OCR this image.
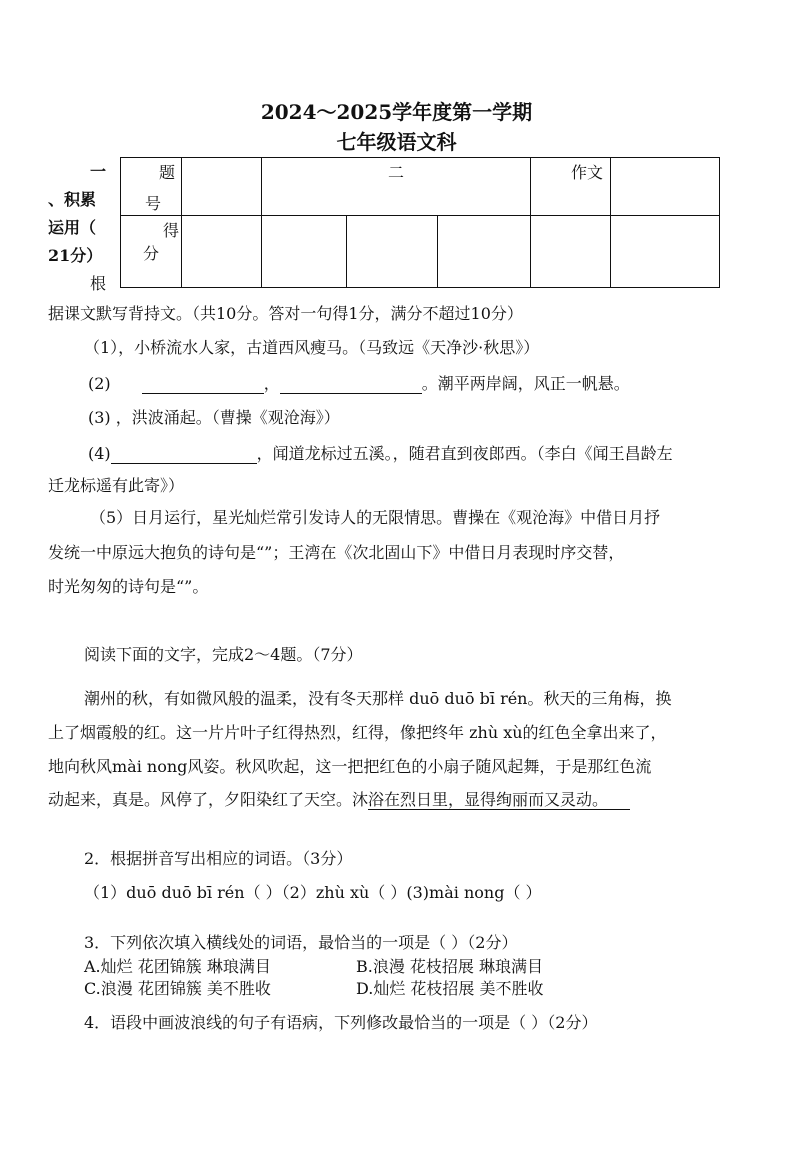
2024～2025学年度第一学期
七年级语文科
一
、积累
运用（
21分）
根
题
号		二			作文	

得
分						

据课文默写背持文。（共10分。答对一句得1分，满分不超过10分）
（1），小桥流水人家，古道西风瘦马。（马致远《天净沙·秋思》）
(2)	，	。潮平两岸阔，风正一帆悬。
(3) ，洪波涌起。（曹操《观沧海》）
(4)	，闻道龙标过五溪。，随君直到夜郎西。（李白《闻王昌龄左
迁龙标遥有此寄》）
（5）日月运行，星光灿烂常引发诗人的无限情思。曹操在《观沧海》中借日月抒
发统一中原远大抱负的诗句是“”；王湾在《次北固山下》中借日月表现时序交替，
时光匆匆的诗句是“”。
阅读下面的文字，完成2～4题。（7分）
潮州的秋，有如微风般的温柔，没有冬天那样 duō duō bī rén。秋天的三角梅，换
上了烟霞般的红。这一片片叶子红得热烈，红得，像把终年 zhù xù的红色全拿出来了，
地向秋风mài nong风姿。秋风吹起，这一把把红色的小扇子随风起舞，于是那红色流
动起来，真是。风停了，夕阳染红了天空。沐浴在烈日里，显得绚丽而又灵动。
2．根据拼音写出相应的词语。（3分）
（1）duō duō bī rén（ ）（2）zhù xù（ ）(3)mài nong（ ）
3．下列依次填入横线处的词语，最恰当的一项是（ ）（2分）
A.灿烂 花团锦簇 琳琅满目	B.浪漫 花枝招展 琳琅满目
C.浪漫 花团锦簇 美不胜收	D.灿烂 花枝招展 美不胜收
4．语段中画波浪线的句子有语病，下列修改最恰当的一项是（ ）（2分）
